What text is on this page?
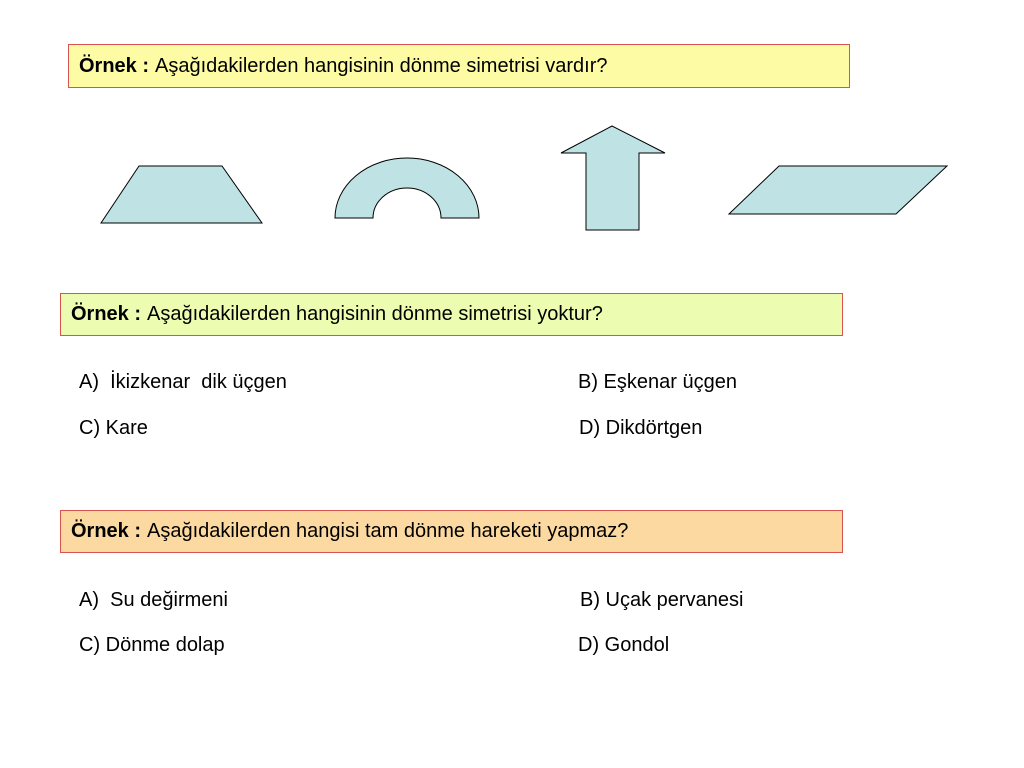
Örnek : Aşağıdakilerden hangisinin dönme simetrisi vardır?
Örnek : Aşağıdakilerden hangisinin dönme simetrisi yoktur?
A)  İkizkenar  dik üçgen	B) Eşkenar üçgen
C) Kare	D) Dikdörtgen
Örnek : Aşağıdakilerden hangisi tam dönme hareketi yapmaz?
A)  Su değirmeni	B) Uçak pervanesi
C) Dönme dolap	D) Gondol
